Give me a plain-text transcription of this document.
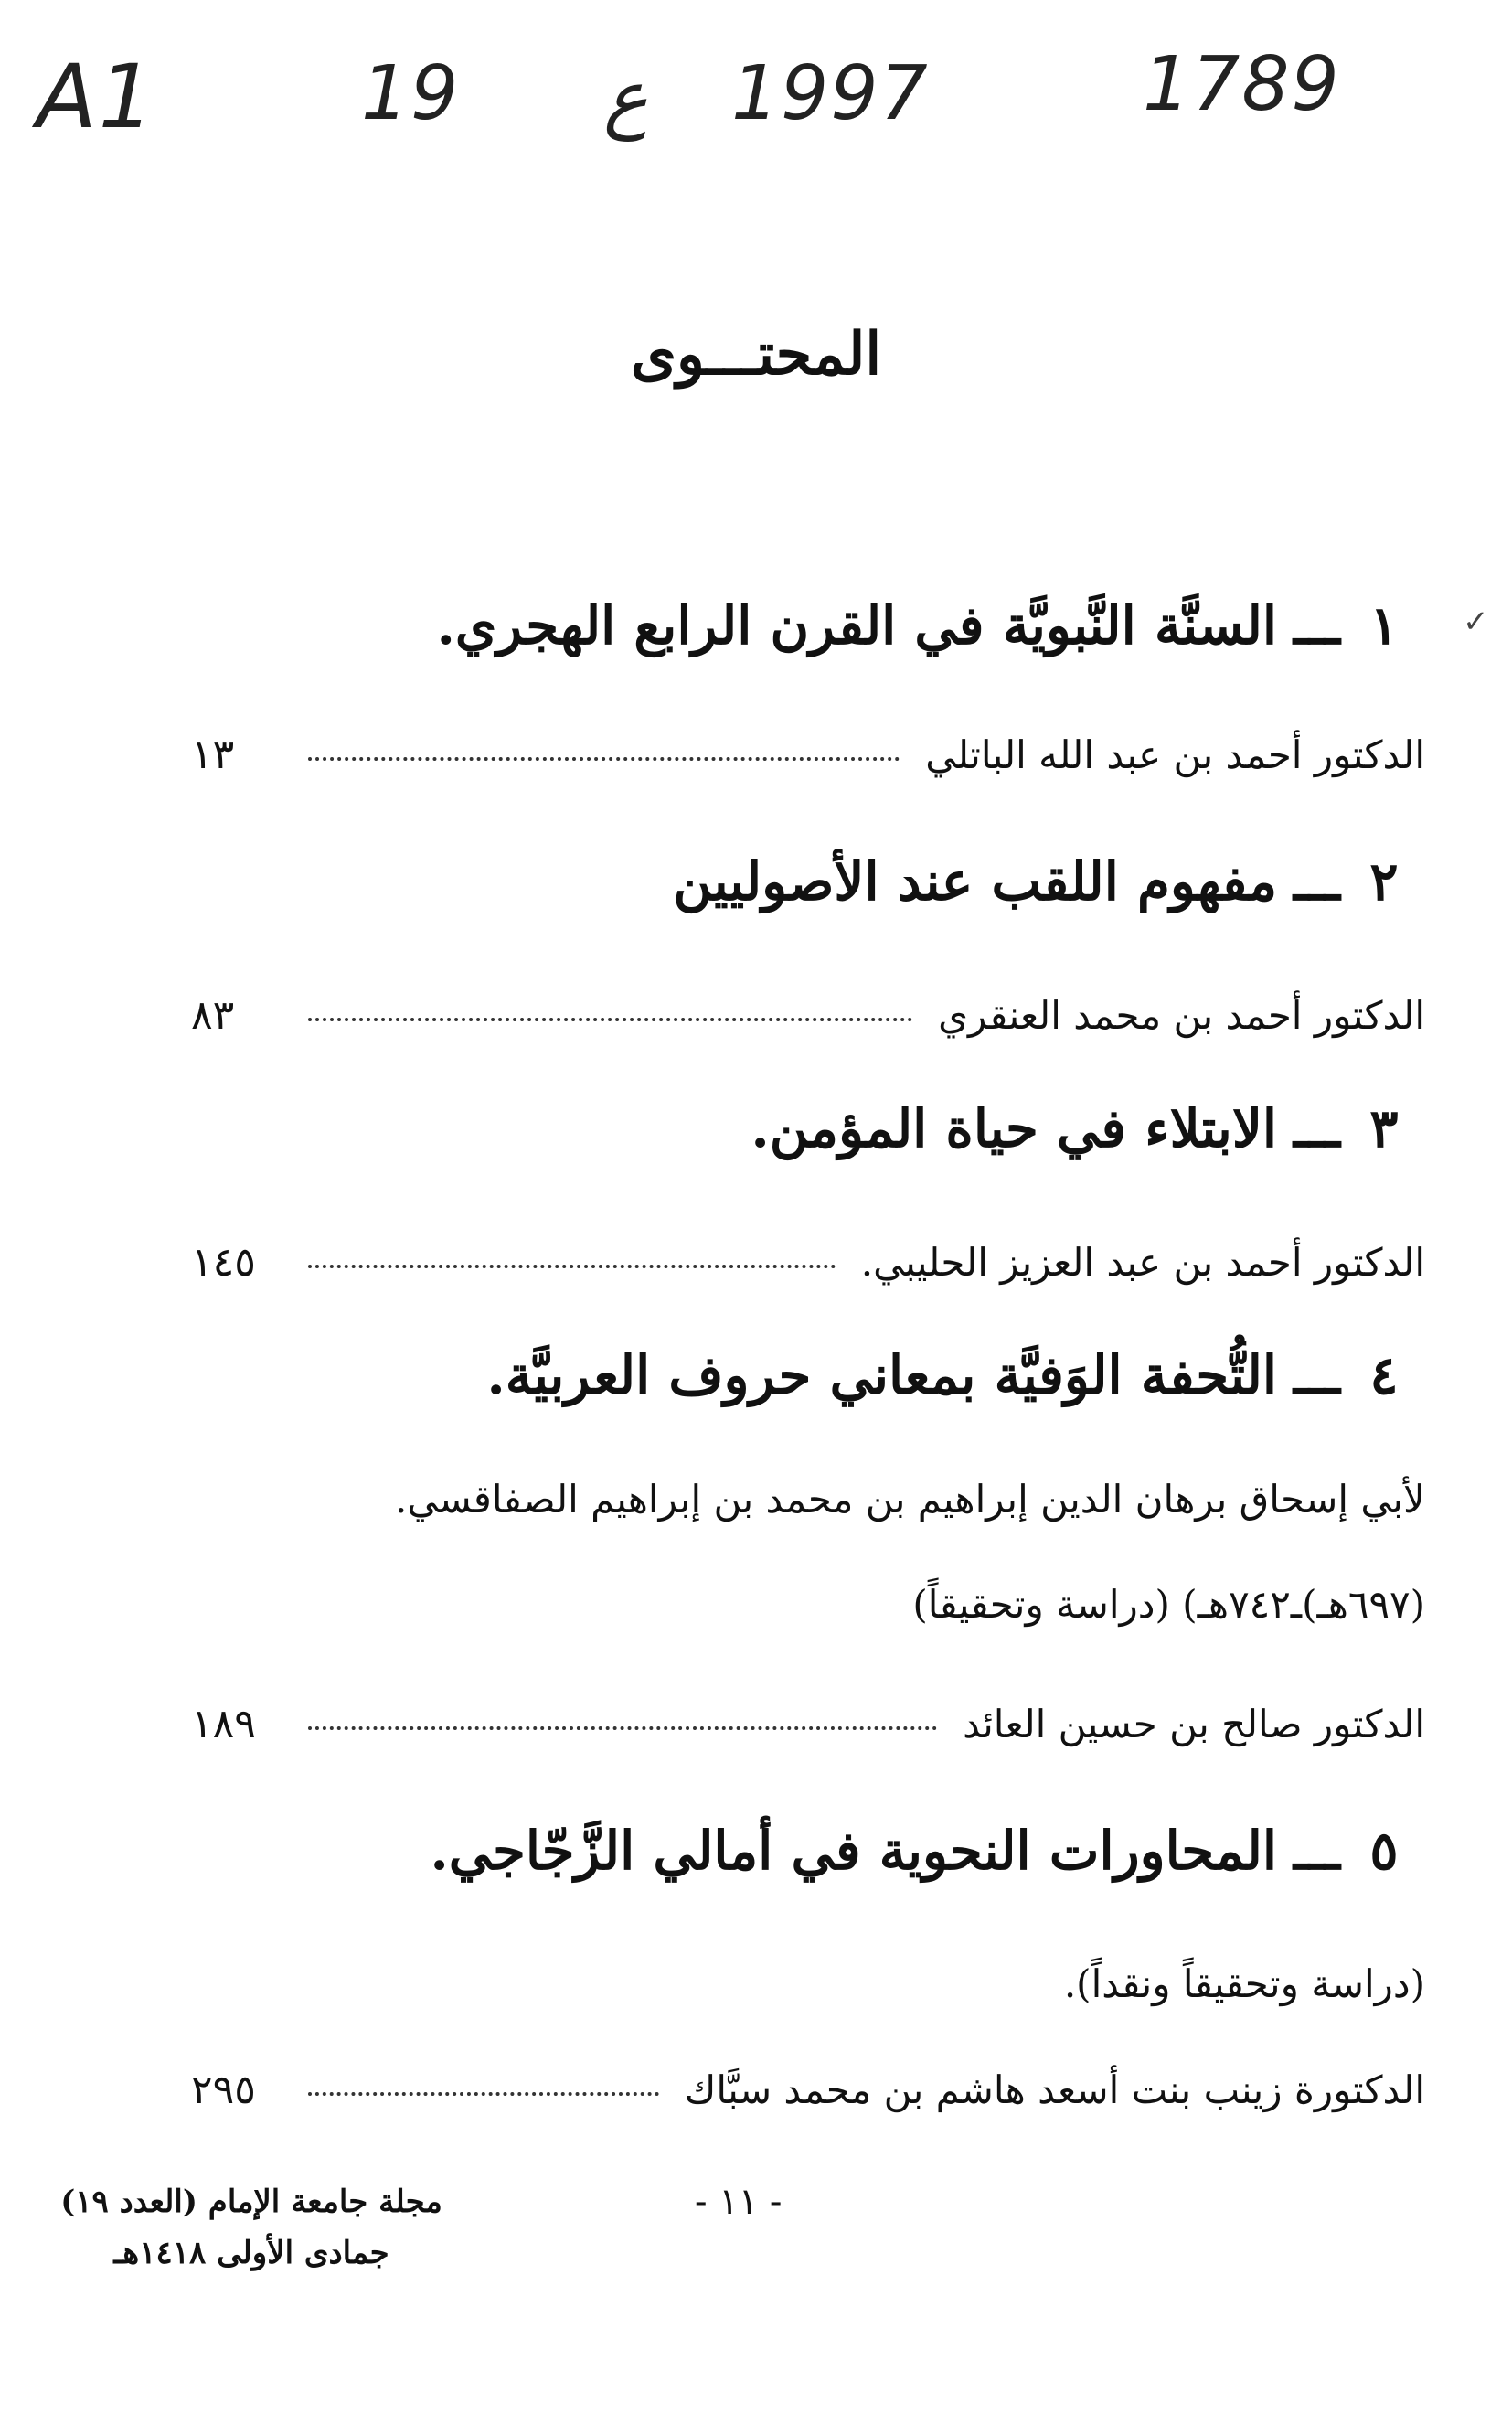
A1	19 ع 1997	1789
المحتـــوى
١ـــالسنَّة النَّبويَّة في القرن الرابع الهجري.
الدكتور أحمد بن عبد الله الباتلي
١٣
٢ـــمفهوم اللقب عند الأصوليين
الدكتور أحمد بن محمد العنقري
٨٣
٣ـــالابتلاء في حياة المؤمن.
الدكتور أحمد بن عبد العزيز الحليبي.
١٤٥
٤ـــالتُّحفة الوَفيَّة بمعاني حروف العربيَّة.
لأبي إسحاق برهان الدين إبراهيم بن محمد بن إبراهيم الصفاقسي.
(٦٩٧هـ)ـ٧٤٢هـ) (دراسة وتحقيقاً)
الدكتور صالح بن حسين العائد
١٨٩
٥ـــالمحاورات النحوية في أمالي الزَّجّاجي.
(دراسة وتحقيقاً ونقداً).
الدكتورة زينب بنت أسعد هاشم بن محمد سبَّاك
٢٩٥
مجلة جامعة الإمام (العدد ١٩)
جمادى الأولى ١٤١٨هـ
- ١١ -
✓
